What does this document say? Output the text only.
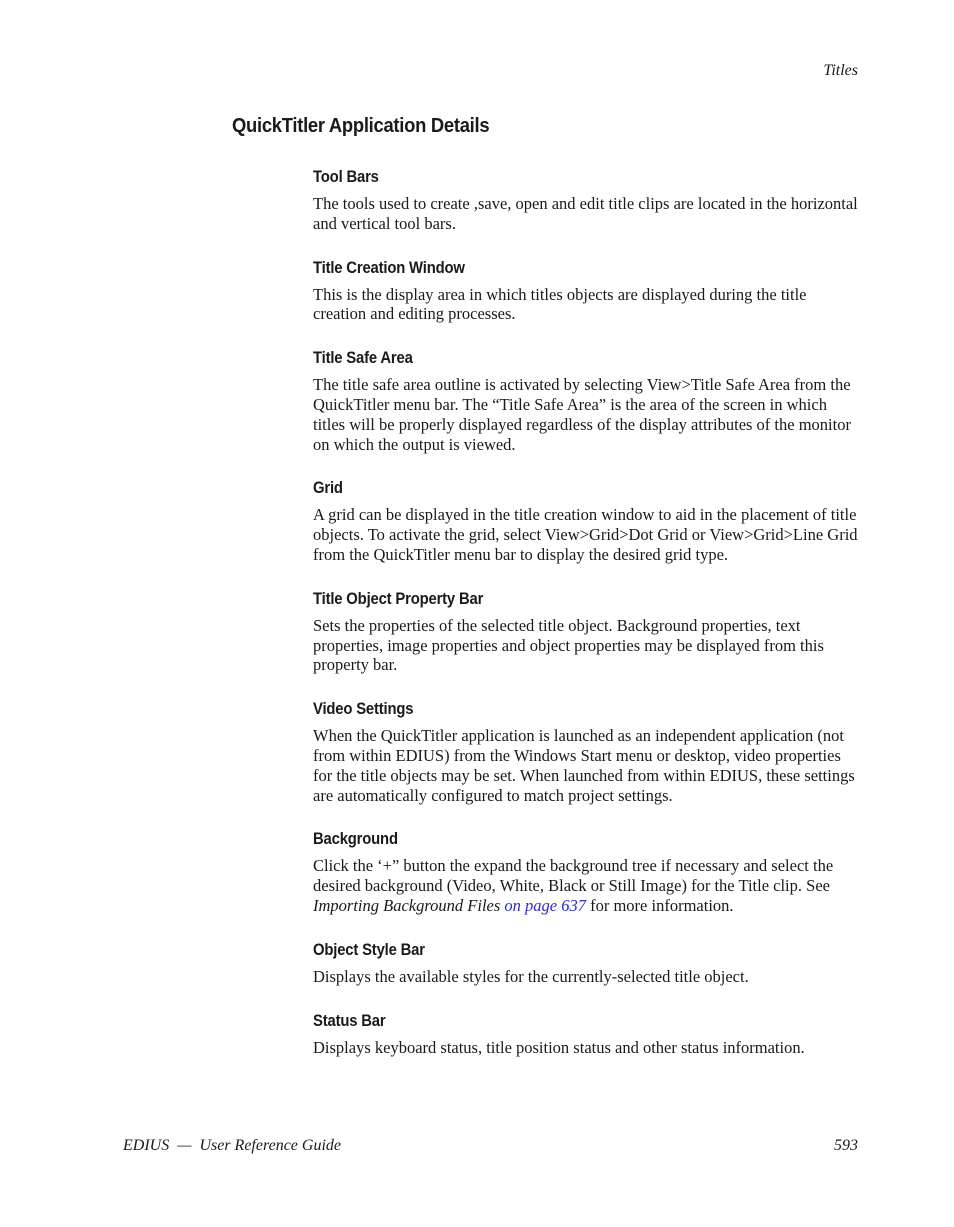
Titles
QuickTitler Application Details
Tool Bars

The tools used to create ,save, open and edit title clips are located in the horizontal and vertical tool bars.

Title Creation Window

This is the display area in which titles objects are displayed during the title creation and editing processes.

Title Safe Area

The title safe area outline is activated by selecting View>Title Safe Area from the QuickTitler menu bar. The “Title Safe Area” is the area of the screen in which titles will be properly displayed regardless of the display attributes of the monitor on which the output is viewed.

Grid

A grid can be displayed in the title creation window to aid in the placement of title objects. To activate the grid, select View>Grid>Dot Grid or View>Grid>Line Grid from the QuickTitler menu bar to display the desired grid type.

Title Object Property Bar

Sets the properties of the selected title object. Background properties, text properties, image properties and object properties may be displayed from this property bar.

Video Settings

When the QuickTitler application is launched as an independent application (not from within EDIUS) from the Windows Start menu or desktop, video properties for the title objects may be set. When launched from within EDIUS, these settings are automatically configured to match project settings.

Background

Click the ‘+” button the expand the background tree if necessary and select the desired background (Video, White, Black or Still Image) for the Title clip. See Importing Background Files on page 637 for more information.

Object Style Bar

Displays the available styles for the currently-selected title object.

Status Bar

Displays keyboard status, title position status and other status information.

EDIUS  —  User Reference Guide	593
